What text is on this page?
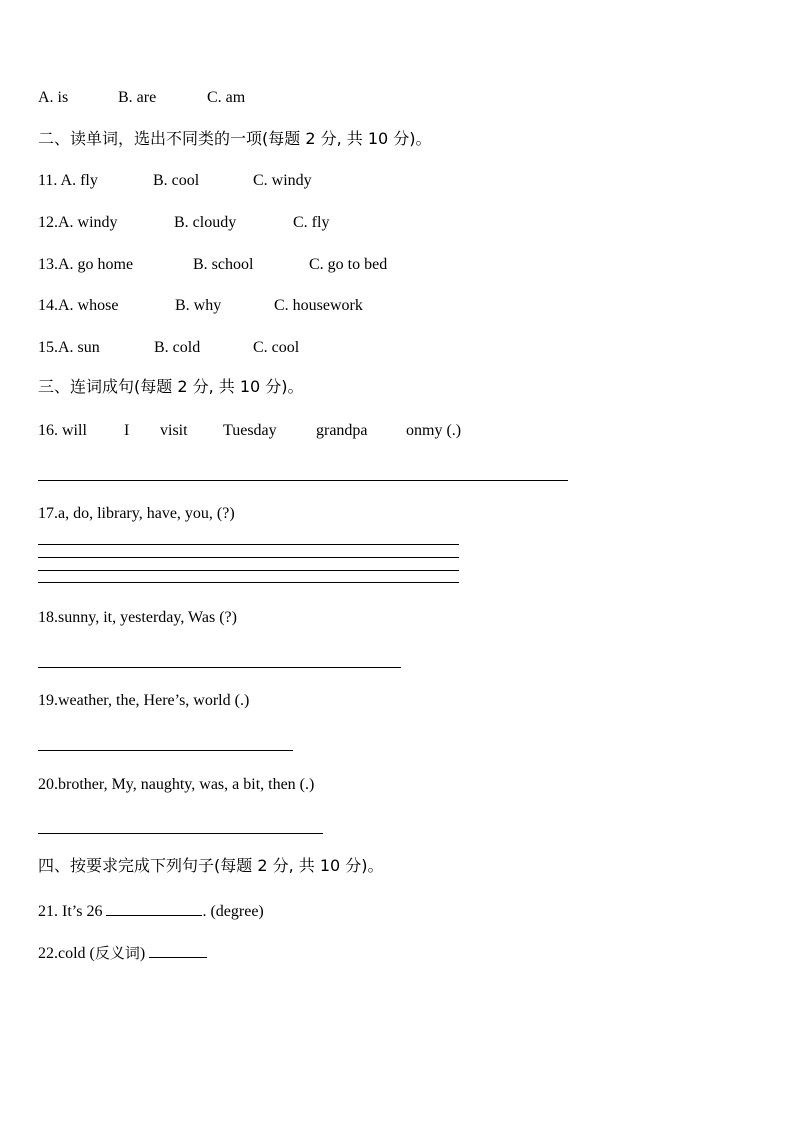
A. is	B. are	C. am
二、读单词，选出不同类的一项(每题 2 分, 共 10 分)。
11. A. fly	B. cool	C. windy
12.A. windy	B. cloudy	C. fly
13.A. go home	B. school	C. go to bed
14.A. whose	B. why	C. housework
15.A. sun	B. cold	C. cool
三、连词成句(每题 2 分, 共 10 分)。
16. will I visit Tuesday grandpa onmy (.)
17.a, do, library, have, you, (?)
18.sunny, it, yesterday, Was (?)
19.weather, the, Here’s, world (.)
20.brother, My, naughty, was, a bit, then (.)
四、按要求完成下列句子(每题 2 分, 共 10 分)。
21. It’s 26	. (degree)
22.cold (反义词)
